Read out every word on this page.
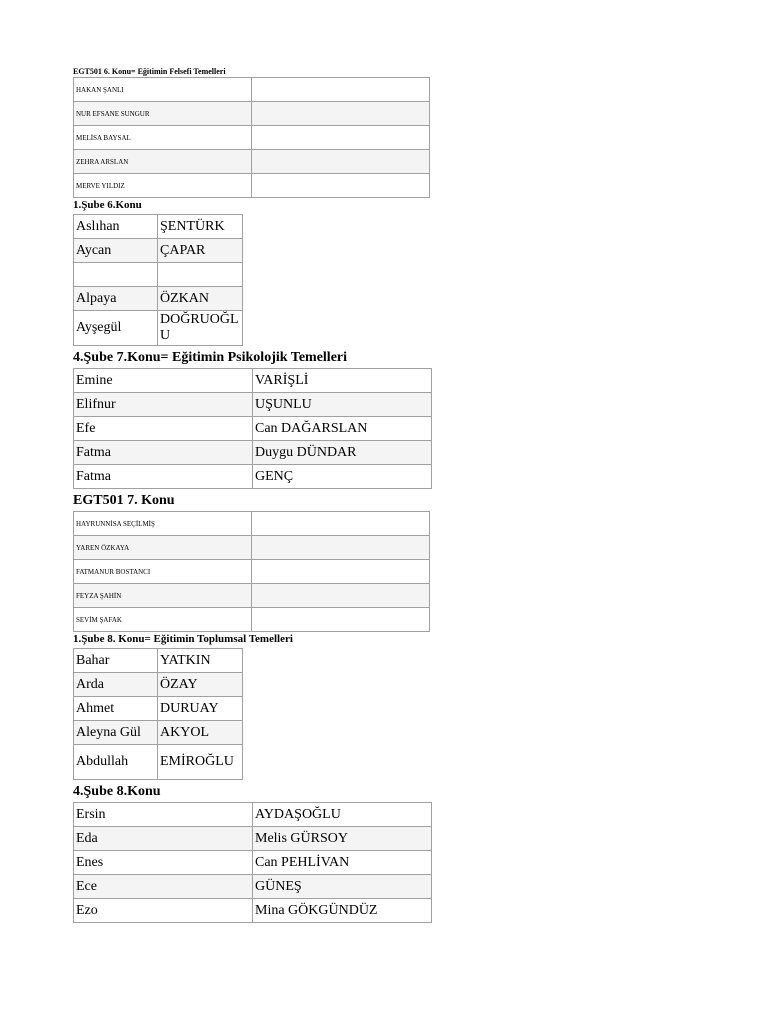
EGT501 6. Konu= Eğitimin Felsefi Temelleri
HAKAN ŞANLI	
NUR EFSANE SUNGUR	
MELİSA BAYSAL	
ZEHRA ARSLAN	
MERVE YILDIZ	
1.Şube 6.Konu
Aslıhan	ŞENTÜRK
Aycan	ÇAPAR

Alpaya	ÖZKAN
Ayşegül	DOĞRUOĞLU
4.Şube 7.Konu= Eğitimin Psikolojik Temelleri
Emine	VARİŞLİ
Elifnur	UŞUNLU
Efe	Can DAĞARSLAN
Fatma	Duygu DÜNDAR
Fatma	GENÇ
EGT501 7. Konu
HAYRUNNİSA SEÇİLMİŞ	
YAREN ÖZKAYA	
FATMANUR BOSTANCI	
FEYZA ŞAHİN	
SEVİM ŞAFAK	
1.Şube 8. Konu= Eğitimin Toplumsal Temelleri
Bahar	YATKIN
Arda	ÖZAY
Ahmet	DURUAY
Aleyna Gül	AKYOL
Abdullah	EMİROĞLU
4.Şube 8.Konu
Ersin	AYDAŞOĞLU
Eda	Melis GÜRSOY
Enes	Can PEHLİVAN
Ece	GÜNEŞ
Ezo	Mina GÖKGÜNDÜZ
